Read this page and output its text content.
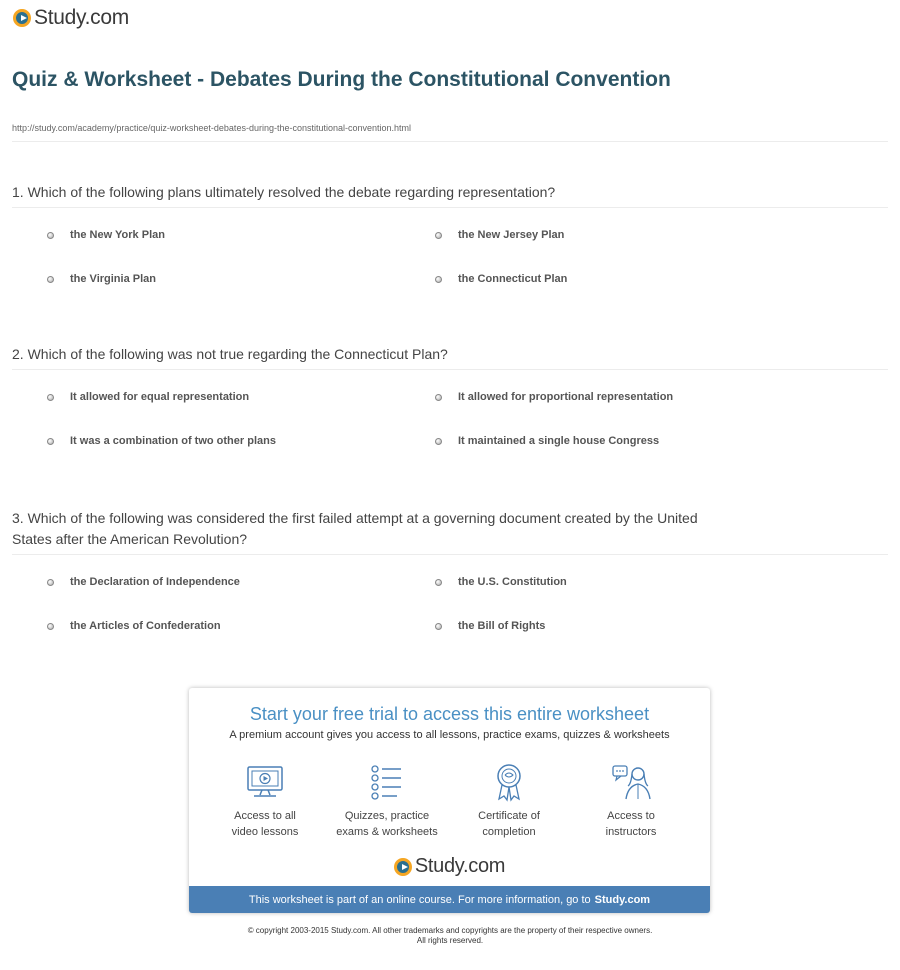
Study.com
Quiz & Worksheet - Debates During the Constitutional Convention
http://study.com/academy/practice/quiz-worksheet-debates-during-the-constitutional-convention.html
1. Which of the following plans ultimately resolved the debate regarding representation?
the New York Plan	the New Jersey Plan
the Virginia Plan	the Connecticut Plan
2. Which of the following was not true regarding the Connecticut Plan?
It allowed for equal representation	It allowed for proportional representation
It was a combination of two other plans	It maintained a single house Congress
3. Which of the following was considered the first failed attempt at a governing document created by the United States after the American Revolution?
the Declaration of Independence	the U.S. Constitution
the Articles of Confederation	the Bill of Rights
Start your free trial to access this entire worksheet
A premium account gives you access to all lessons, practice exams, quizzes & worksheets
Access to all
video lessons
Quizzes, practice
exams & worksheets
Certificate of
completion
Access to
instructors
Study.com
This worksheet is part of an online course. For more information, go to Study.com
© copyright 2003-2015 Study.com. All other trademarks and copyrights are the property of their respective owners.
All rights reserved.
